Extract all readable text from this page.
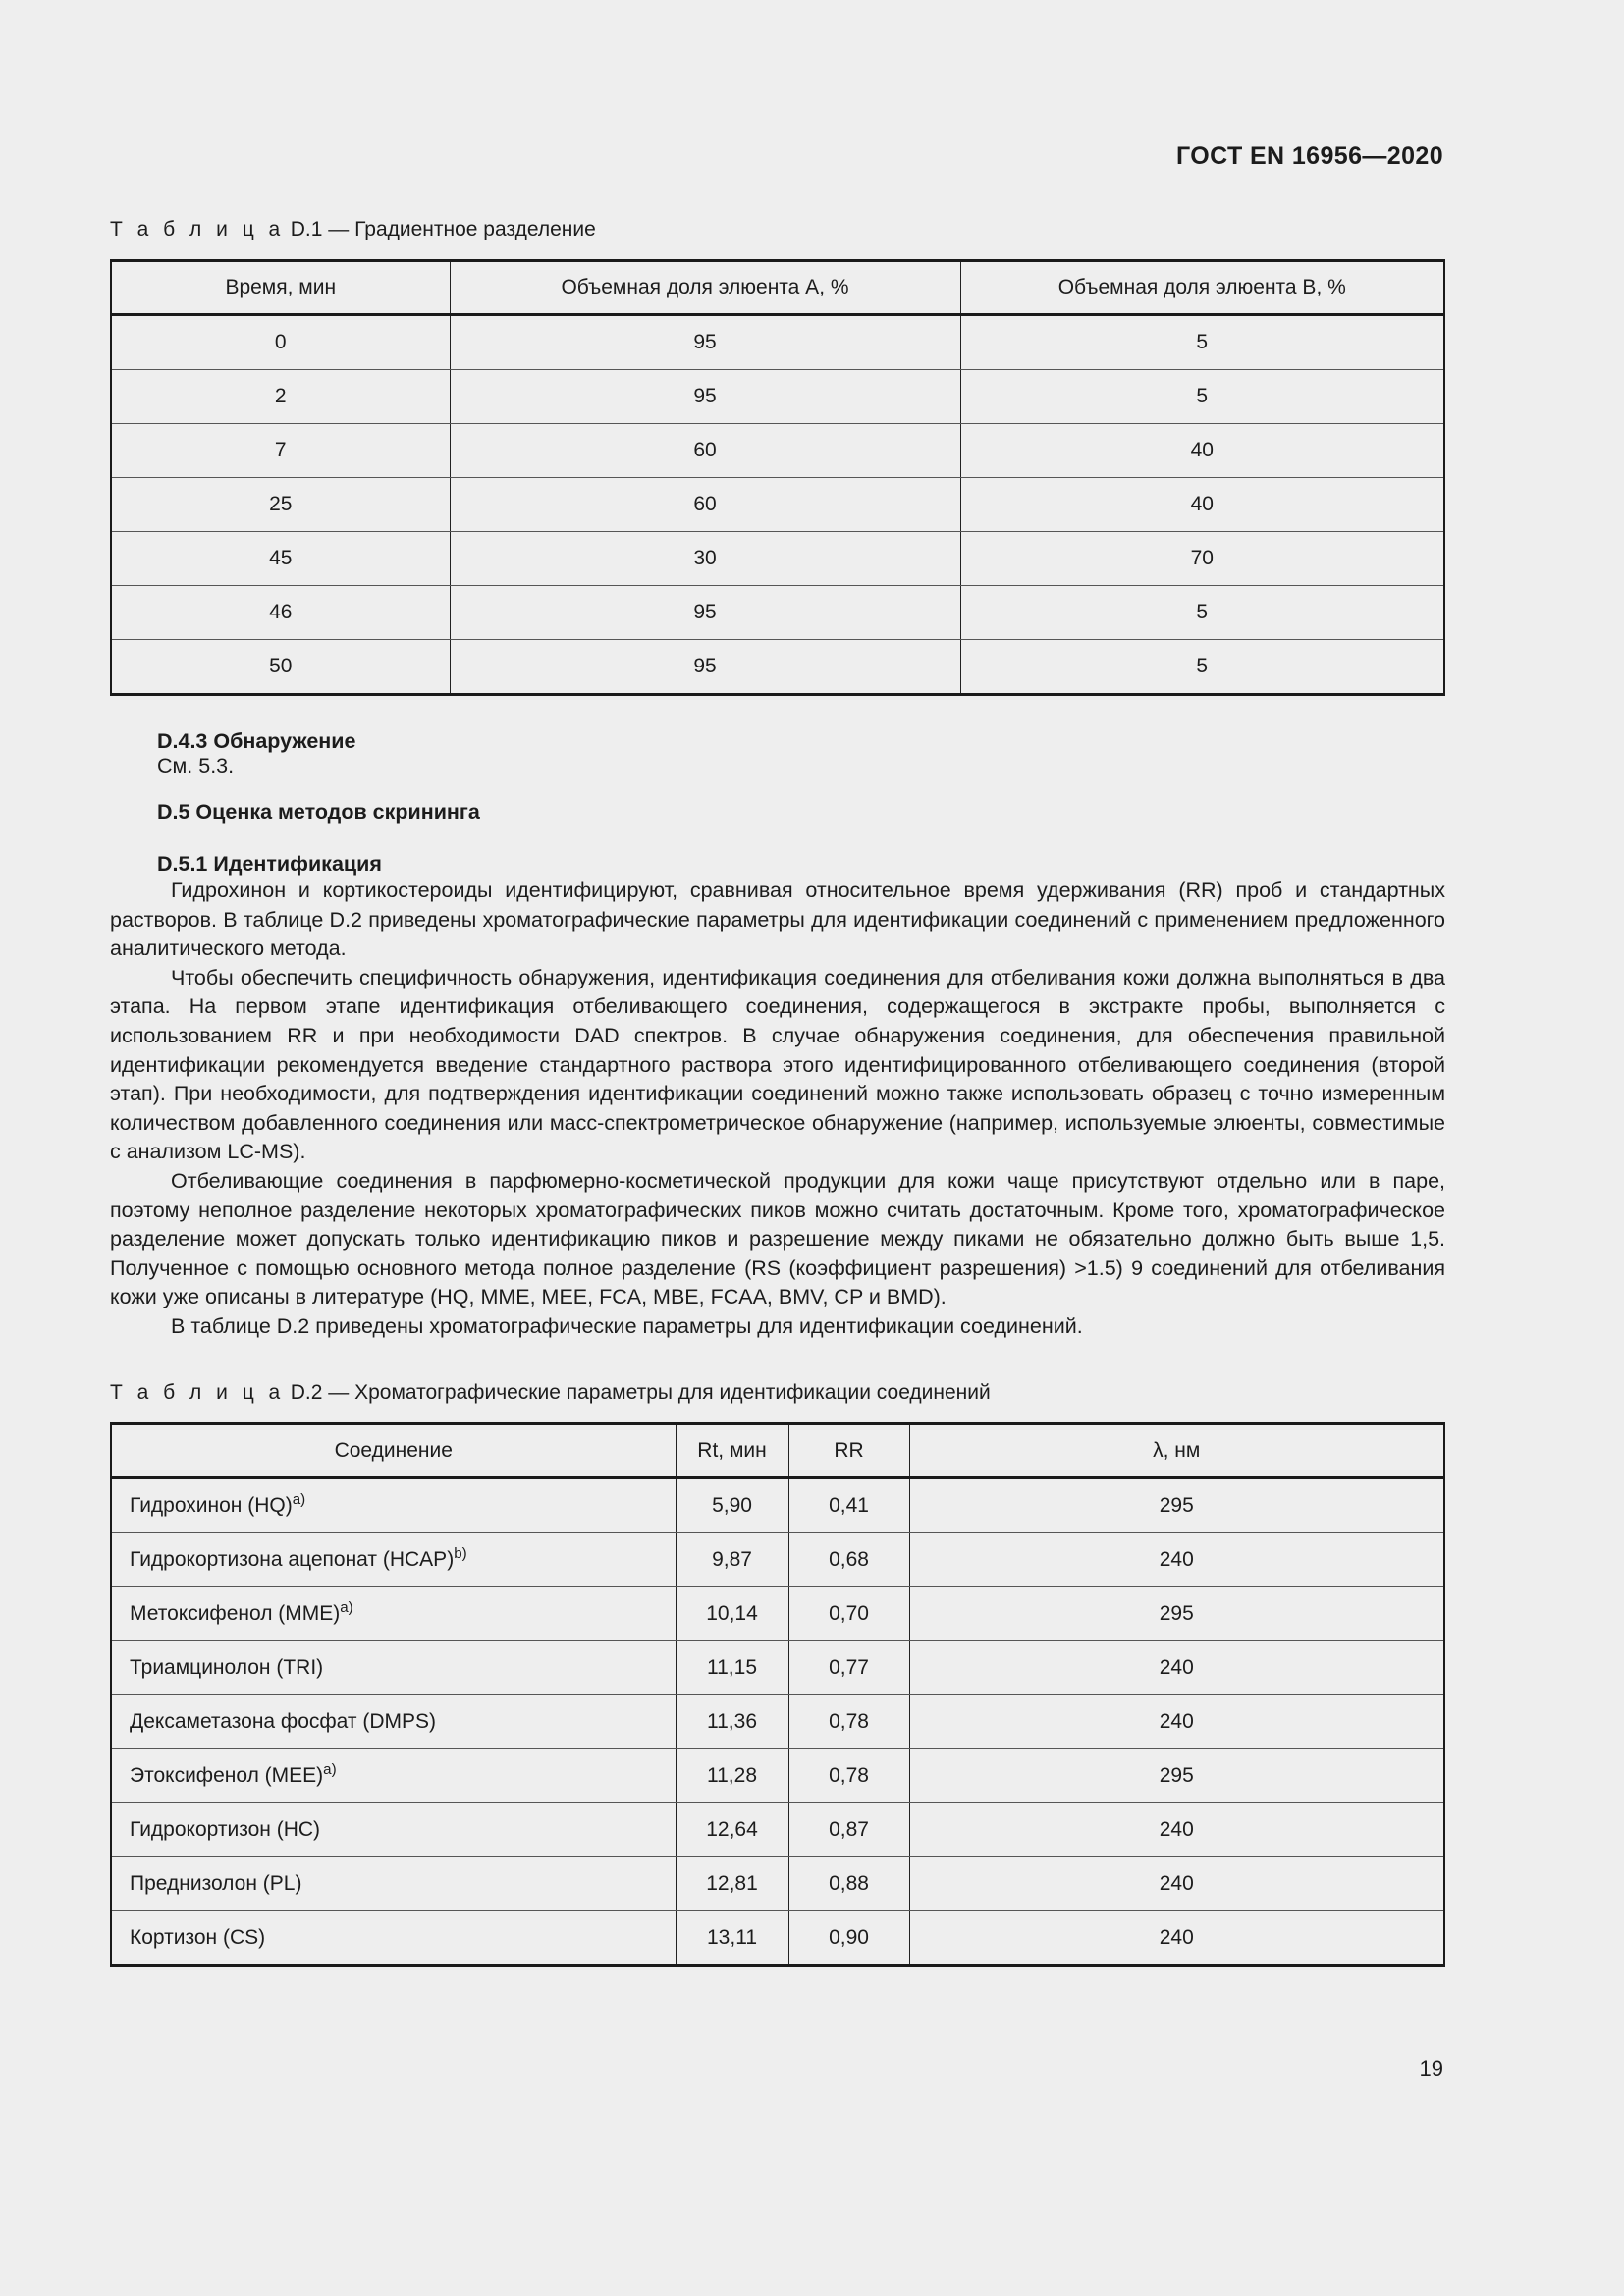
ГОСТ EN 16956—2020
Т а б л и ц а D.1 — Градиентное разделение
Время, мин	Объемная доля элюента А, %	Объемная доля элюента В, %
0	95	5
2	95	5
7	60	40
25	60	40
45	30	70
46	95	5
50	95	5
D.4.3 Обнаружение
См. 5.3.
D.5 Оценка методов скрининга
D.5.1 Идентификация

Гидрохинон и кортикостероиды идентифицируют, сравнивая относительное время удерживания (RR) проб и стандартных растворов. В таблице D.2 приведены хроматографические параметры для идентификации соединений с применением предложенного аналитического метода.

Чтобы обеспечить специфичность обнаружения, идентификация соединения для отбеливания кожи должна выполняться в два этапа. На первом этапе идентификация отбеливающего соединения, содержащегося в экстракте пробы, выполняется с использованием RR и при необходимости DAD спектров. В случае обнаружения соединения, для обеспечения правильной идентификации рекомендуется введение стандартного раствора этого идентифицированного отбеливающего соединения (второй этап). При необходимости, для подтверждения идентификации соединений можно также использовать образец с точно измеренным количеством добавленного соединения или масс-спектрометрическое обнаружение (например, используемые элюенты, совместимые с анализом LC-MS).

Отбеливающие соединения в парфюмерно-косметической продукции для кожи чаще присутствуют отдельно или в паре, поэтому неполное разделение некоторых хроматографических пиков можно считать достаточным. Кроме того, хроматографическое разделение может допускать только идентификацию пиков и разрешение между пиками не обязательно должно быть выше 1,5. Полученное с помощью основного метода полное разделение (RS (коэффициент разрешения) >1.5) 9 соединений для отбеливания кожи уже описаны в литературе (HQ, MME, MEE, FCA, MBE, FCAA, BMV, CP и BMD).

В таблице D.2 приведены хроматографические параметры для идентификации соединений.

Т а б л и ц а D.2 — Хроматографические параметры для идентификации соединений
Соединение	Rt, мин	RR	λ, нм
Гидрохинон (HQ)$^{a)}$	5,90	0,41	295
Гидрокортизона ацепонат (HCAP)$^{b)}$	9,87	0,68	240
Метоксифенол (MME)$^{a)}$	10,14	0,70	295
Триамцинолон (TRI)	11,15	0,77	240
Дексаметазона фосфат (DMPS)	11,36	0,78	240
Этоксифенол (MEE)$^{a)}$	11,28	0,78	295
Гидрокортизон (HC)	12,64	0,87	240
Преднизолон (PL)	12,81	0,88	240
Кортизон (CS)	13,11	0,90	240
19
